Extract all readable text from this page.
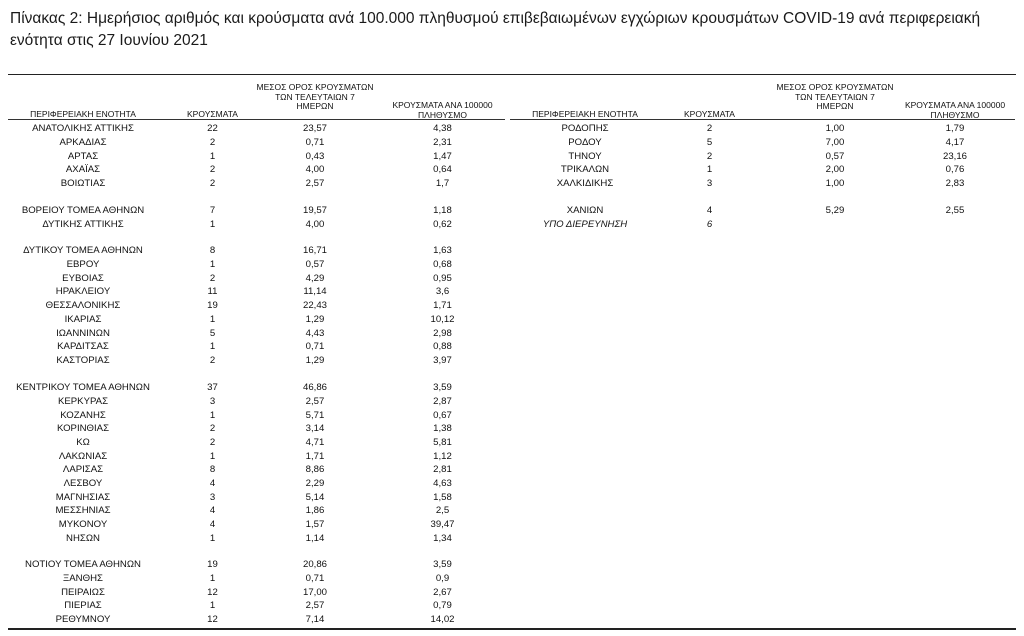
Πίνακας 2: Ημερήσιος αριθμός και κρούσματα ανά 100.000 πληθυσμού επιβεβαιωμένων εγχώριων κρουσμάτων COVID-19 ανά περιφερειακή ενότητα στις 27 Ιουνίου 2021
ΠΕΡΙΦΕΡΕΙΑΚΗ ΕΝΟΤΗΤΑ	ΚΡΟΥΣΜΑΤΑ
ΜΕΣΟΣ ΟΡΟΣ ΚΡΟΥΣΜΑΤΩΝ
ΤΩΝ ΤΕΛΕΥΤΑΙΩΝ 7
ΗΜΕΡΩΝ	ΚΡΟΥΣΜΑΤΑ ΑΝΑ 100000
ΠΛΗΘΥΣΜΟ	ΠΕΡΙΦΕΡΕΙΑΚΗ ΕΝΟΤΗΤΑ	ΚΡΟΥΣΜΑΤΑ
ΜΕΣΟΣ ΟΡΟΣ ΚΡΟΥΣΜΑΤΩΝ
ΤΩΝ ΤΕΛΕΥΤΑΙΩΝ 7
ΗΜΕΡΩΝ	ΚΡΟΥΣΜΑΤΑ ΑΝΑ 100000
ΠΛΗΘΥΣΜΟ
ΑΝΑΤΟΛΙΚΗΣ ΑΤΤΙΚΗΣ	22	23,57	4,38
ΑΡΚΑΔΙΑΣ	2	0,71	2,31
ΑΡΤΑΣ	1	0,43	1,47
ΑΧΑΪΑΣ	2	4,00	0,64
ΒΟΙΩΤΙΑΣ	2	2,57	1,7
ΒΟΡΕΙΟΥ ΤΟΜΕΑ ΑΘΗΝΩΝ	7	19,57	1,18
ΔΥΤΙΚΗΣ ΑΤΤΙΚΗΣ	1	4,00	0,62
ΔΥΤΙΚΟΥ ΤΟΜΕΑ ΑΘΗΝΩΝ	8	16,71	1,63
ΕΒΡΟΥ	1	0,57	0,68
ΕΥΒΟΙΑΣ	2	4,29	0,95
ΗΡΑΚΛΕΙΟΥ	11	11,14	3,6
ΘΕΣΣΑΛΟΝΙΚΗΣ	19	22,43	1,71
ΙΚΑΡΙΑΣ	1	1,29	10,12
ΙΩΑΝΝΙΝΩΝ	5	4,43	2,98
ΚΑΡΔΙΤΣΑΣ	1	0,71	0,88
ΚΑΣΤΟΡΙΑΣ	2	1,29	3,97
ΚΕΝΤΡΙΚΟΥ ΤΟΜΕΑ ΑΘΗΝΩΝ	37	46,86	3,59
ΚΕΡΚΥΡΑΣ	3	2,57	2,87
ΚΟΖΑΝΗΣ	1	5,71	0,67
ΚΟΡΙΝΘΙΑΣ	2	3,14	1,38
ΚΩ	2	4,71	5,81
ΛΑΚΩΝΙΑΣ	1	1,71	1,12
ΛΑΡΙΣΑΣ	8	8,86	2,81
ΛΕΣΒΟΥ	4	2,29	4,63
ΜΑΓΝΗΣΙΑΣ	3	5,14	1,58
ΜΕΣΣΗΝΙΑΣ	4	1,86	2,5
ΜΥΚΟΝΟΥ	4	1,57	39,47
ΝΗΣΩΝ	1	1,14	1,34
ΝΟΤΙΟΥ ΤΟΜΕΑ ΑΘΗΝΩΝ	19	20,86	3,59
ΞΑΝΘΗΣ	1	0,71	0,9
ΠΕΙΡΑΙΩΣ	12	17,00	2,67
ΠΙΕΡΙΑΣ	1	2,57	0,79
ΡΕΘΥΜΝΟΥ	12	7,14	14,02
ΡΟΔΟΠΗΣ	2	1,00	1,79
ΡΟΔΟΥ	5	7,00	4,17
ΤΗΝΟΥ	2	0,57	23,16
ΤΡΙΚΑΛΩΝ	1	2,00	0,76
ΧΑΛΚΙΔΙΚΗΣ	3	1,00	2,83
ΧΑΝΙΩΝ	4	5,29	2,55
ΥΠΟ ΔΙΕΡΕΥΝΗΣΗ	6
